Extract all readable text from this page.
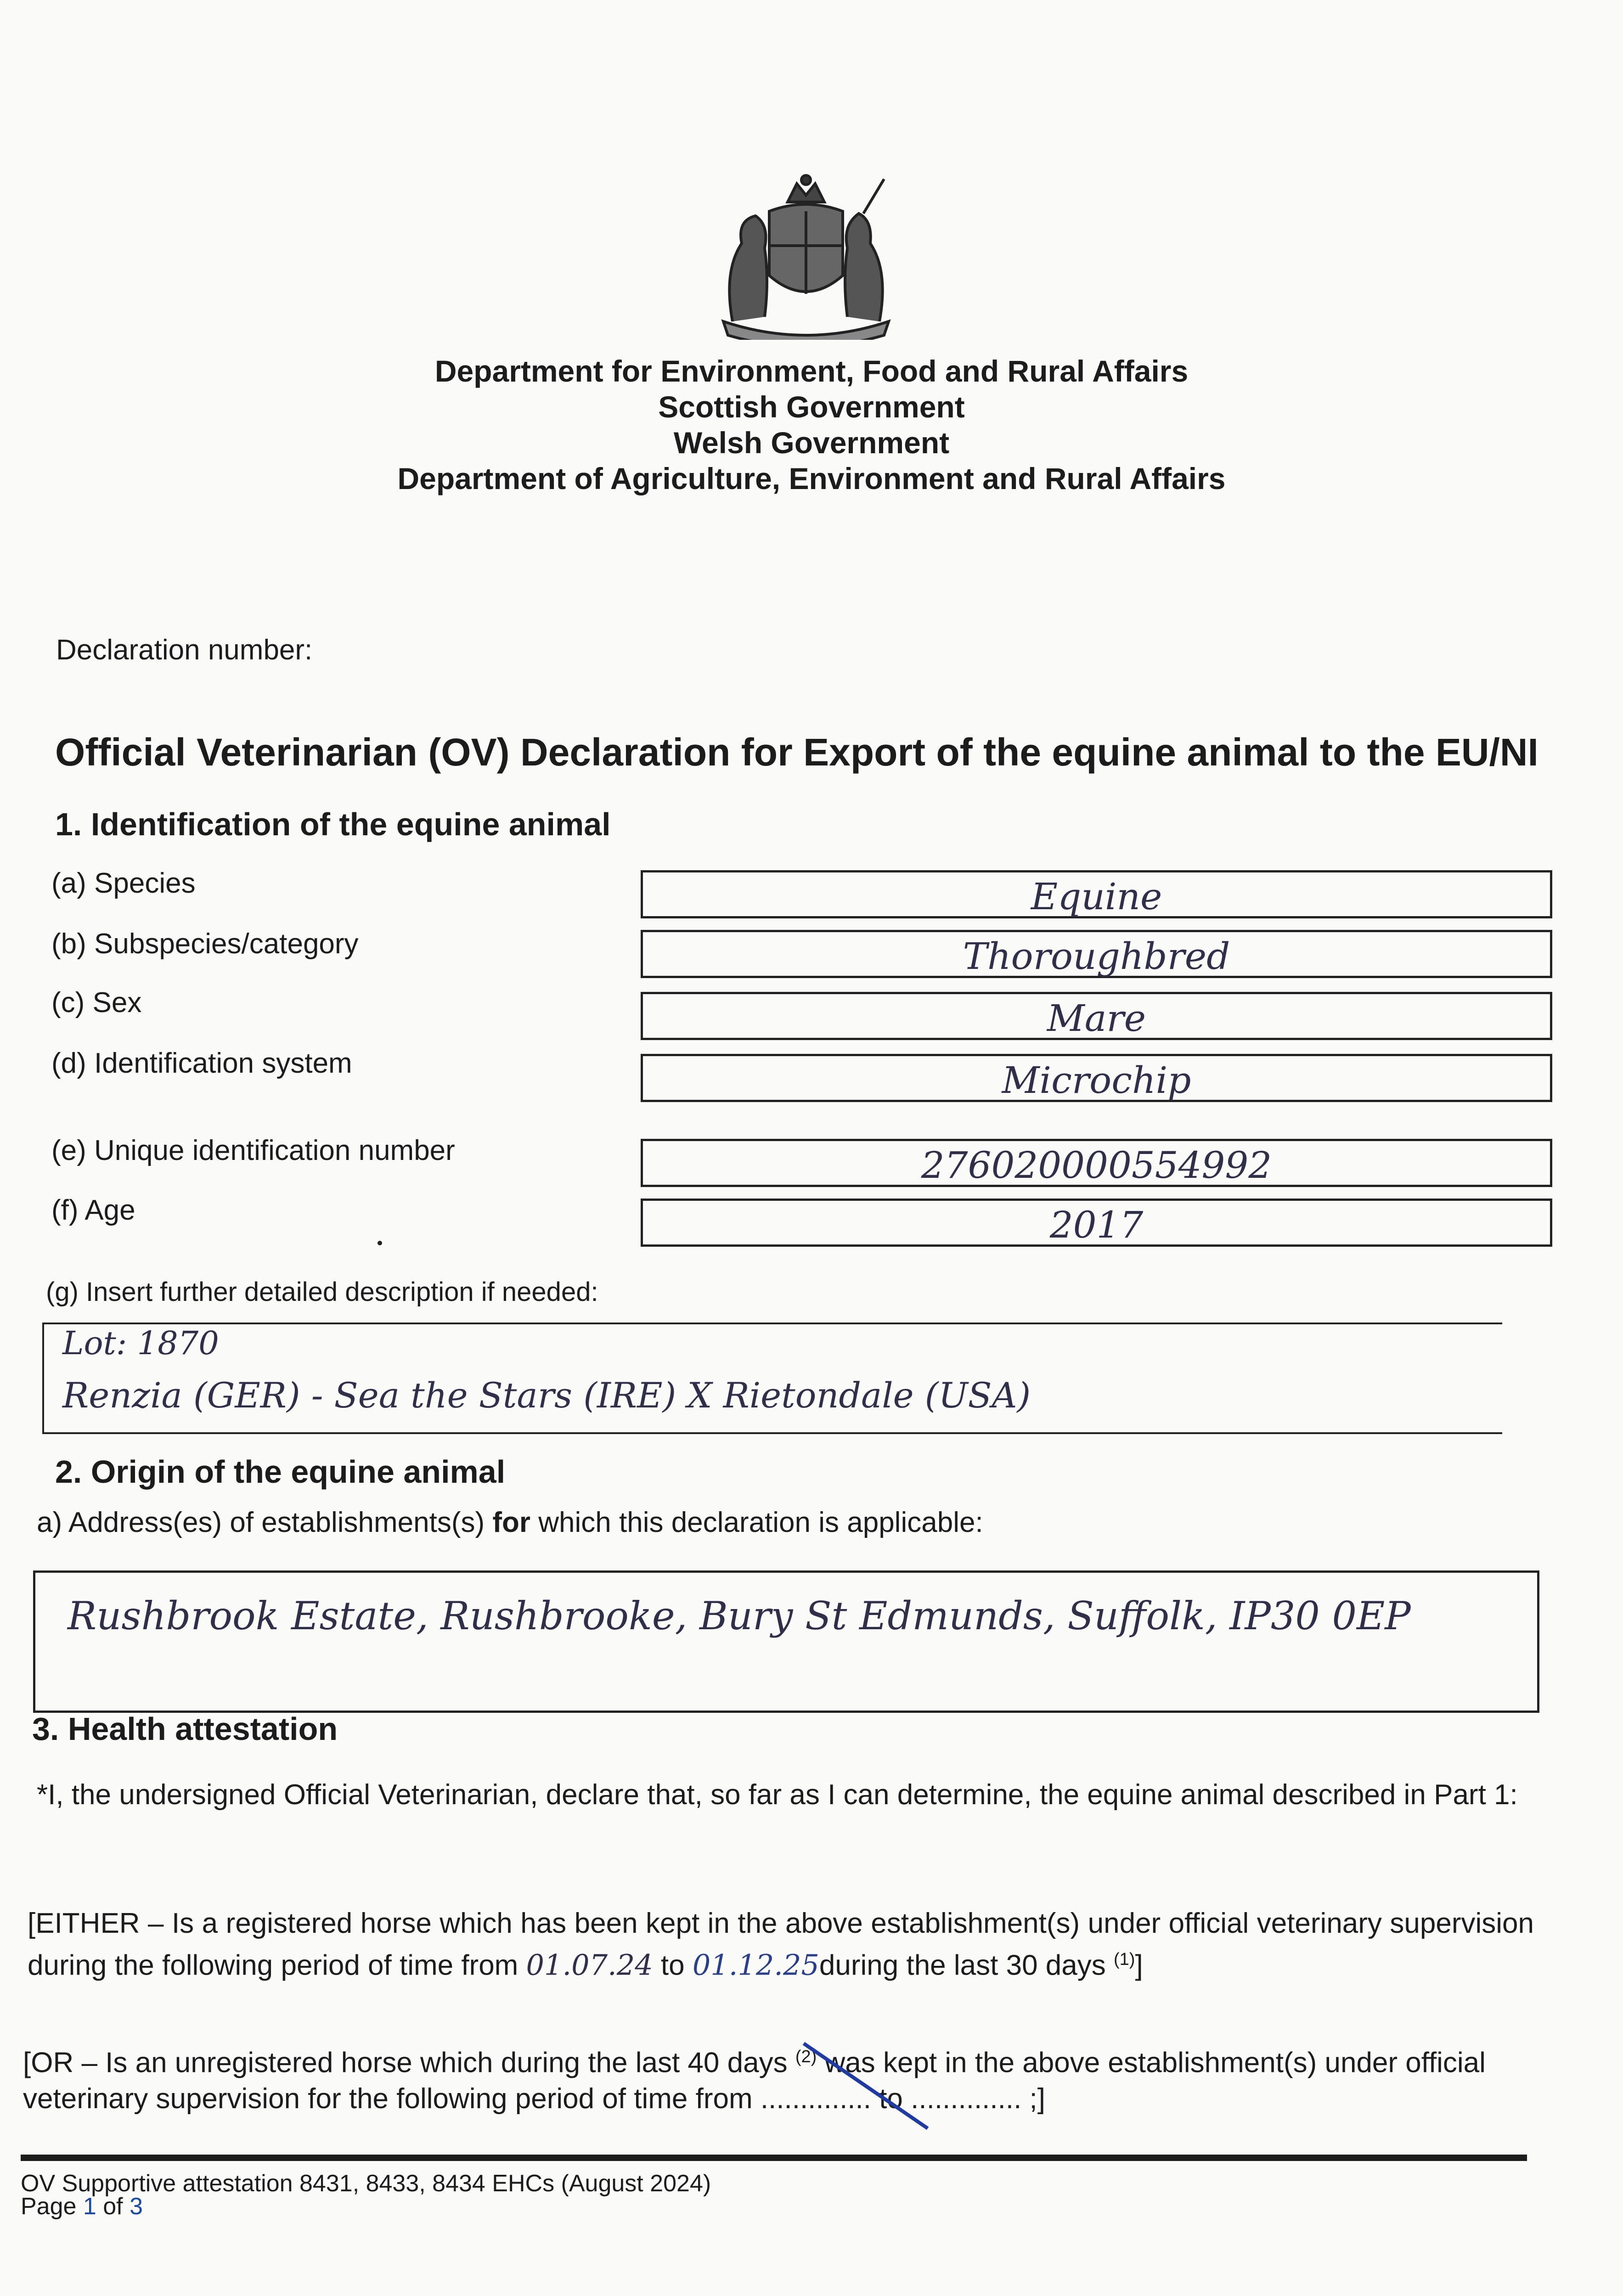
Department for Environment, Food and Rural Affairs
Scottish Government
Welsh Government
Department of Agriculture, Environment and Rural Affairs
Declaration number:
Official Veterinarian (OV) Declaration for Export of the equine animal to the EU/NI
1. Identification of the equine animal
(a) Species	Equine
(b) Subspecies/category	Thoroughbred
(c) Sex	Mare
(d) Identification system	Microchip
(e) Unique identification number	276020000554992
(f) Age	2017
(g) Insert further detailed description if needed:
Lot: 1870
Renzia (GER) - Sea the Stars (IRE) X Rietondale (USA)
2. Origin of the equine animal
a) Address(es) of establishments(s) for which this declaration is applicable:
Rushbrook Estate, Rushbrooke, Bury St Edmunds, Suffolk, IP30 0EP
3. Health attestation
*I, the undersigned Official Veterinarian, declare that, so far as I can determine, the equine animal described in Part 1:
[EITHER – Is a registered horse which has been kept in the above establishment(s) under official veterinary supervision during the following period of time from 01.07.24 to 01.12.25during the last 30 days $^{(1)}$]
[OR – Is an unregistered horse which during the last 40 days $^{(2)}$ was kept in the above establishment(s) under official veterinary supervision for the following period of time from .............. to .............. ;]
OV Supportive attestation 8431, 8433, 8434 EHCs (August 2024)
Page 1 of 3
